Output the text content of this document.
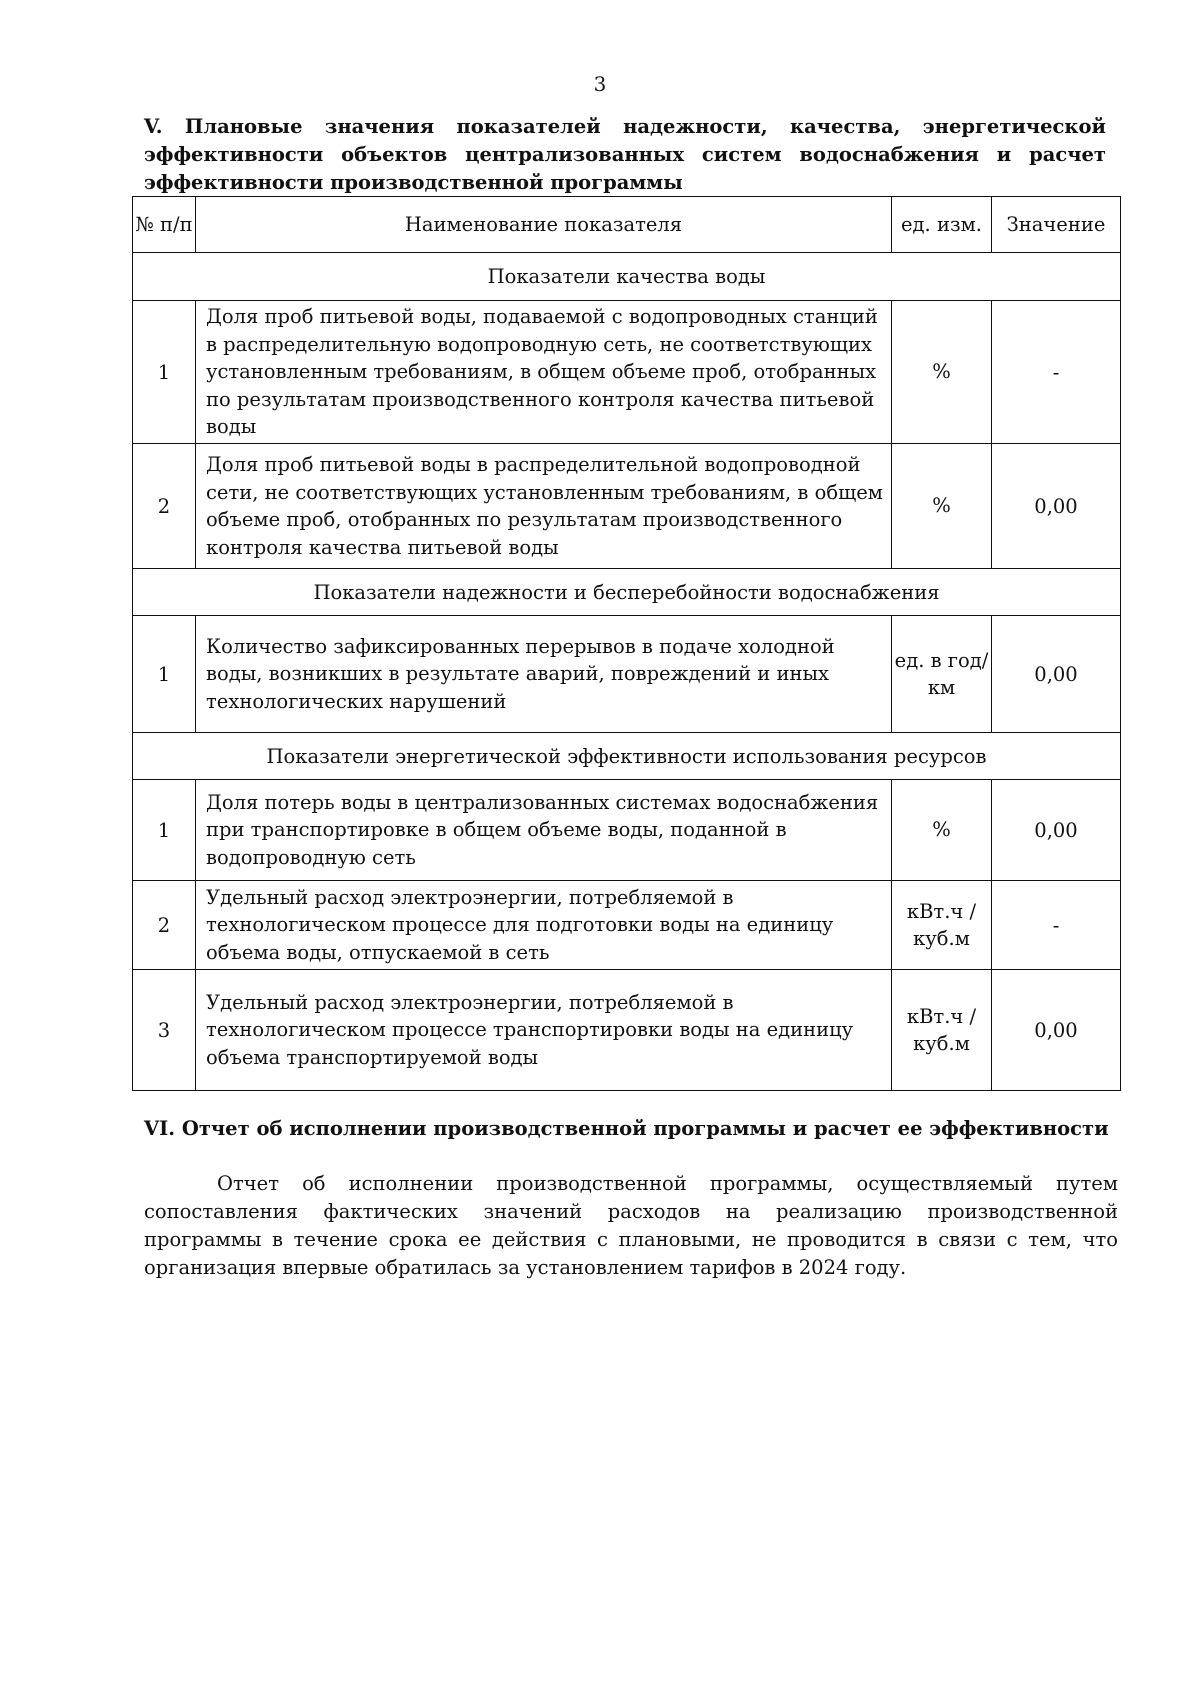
3
V. Плановые значения показателей надежности, качества, энергетической эффективности объектов централизованных систем водоснабжения и расчет эффективности производственной программы
№ п/п	Наименование показателя	ед. изм.	Значение
Показатели качества воды			
1	Доля проб питьевой воды, подаваемой с водопроводных станций в распределительную водопроводную сеть, не соответствующих установленным требованиям, в общем объеме проб, отобранных по результатам производственного контроля качества питьевой воды	%	-
2	Доля проб питьевой воды в распределительной водопроводной сети, не соответствующих установленным требованиям, в общем объеме проб, отобранных по результатам производственного контроля качества питьевой воды	%	0,00
Показатели надежности и бесперебойности водоснабжения			
1	Количество зафиксированных перерывов в подаче холодной воды, возникших в результате аварий, повреждений и иных технологических нарушений	ед. в год/ км	0,00
Показатели энергетической эффективности использования ресурсов			
1	Доля потерь воды в централизованных системах водоснабжения при транспортировке в общем объеме воды, поданной в водопроводную сеть	%	0,00
2	Удельный расход электроэнергии, потребляемой в технологическом процессе для подготовки воды на единицу объема воды, отпускаемой в сеть	кВт.ч / куб.м	-
3	Удельный расход электроэнергии, потребляемой в технологическом процессе транспортировки воды на единицу объема транспортируемой воды	кВт.ч / куб.м	0,00
VI. Отчет об исполнении производственной программы и расчет ее эффективности
Отчет об исполнении производственной программы, осуществляемый путем сопоставления фактических значений расходов на реализацию производственной программы в течение срока ее действия с плановыми, не проводится в связи с тем, что организация впервые обратилась за установлением тарифов в 2024 году.
